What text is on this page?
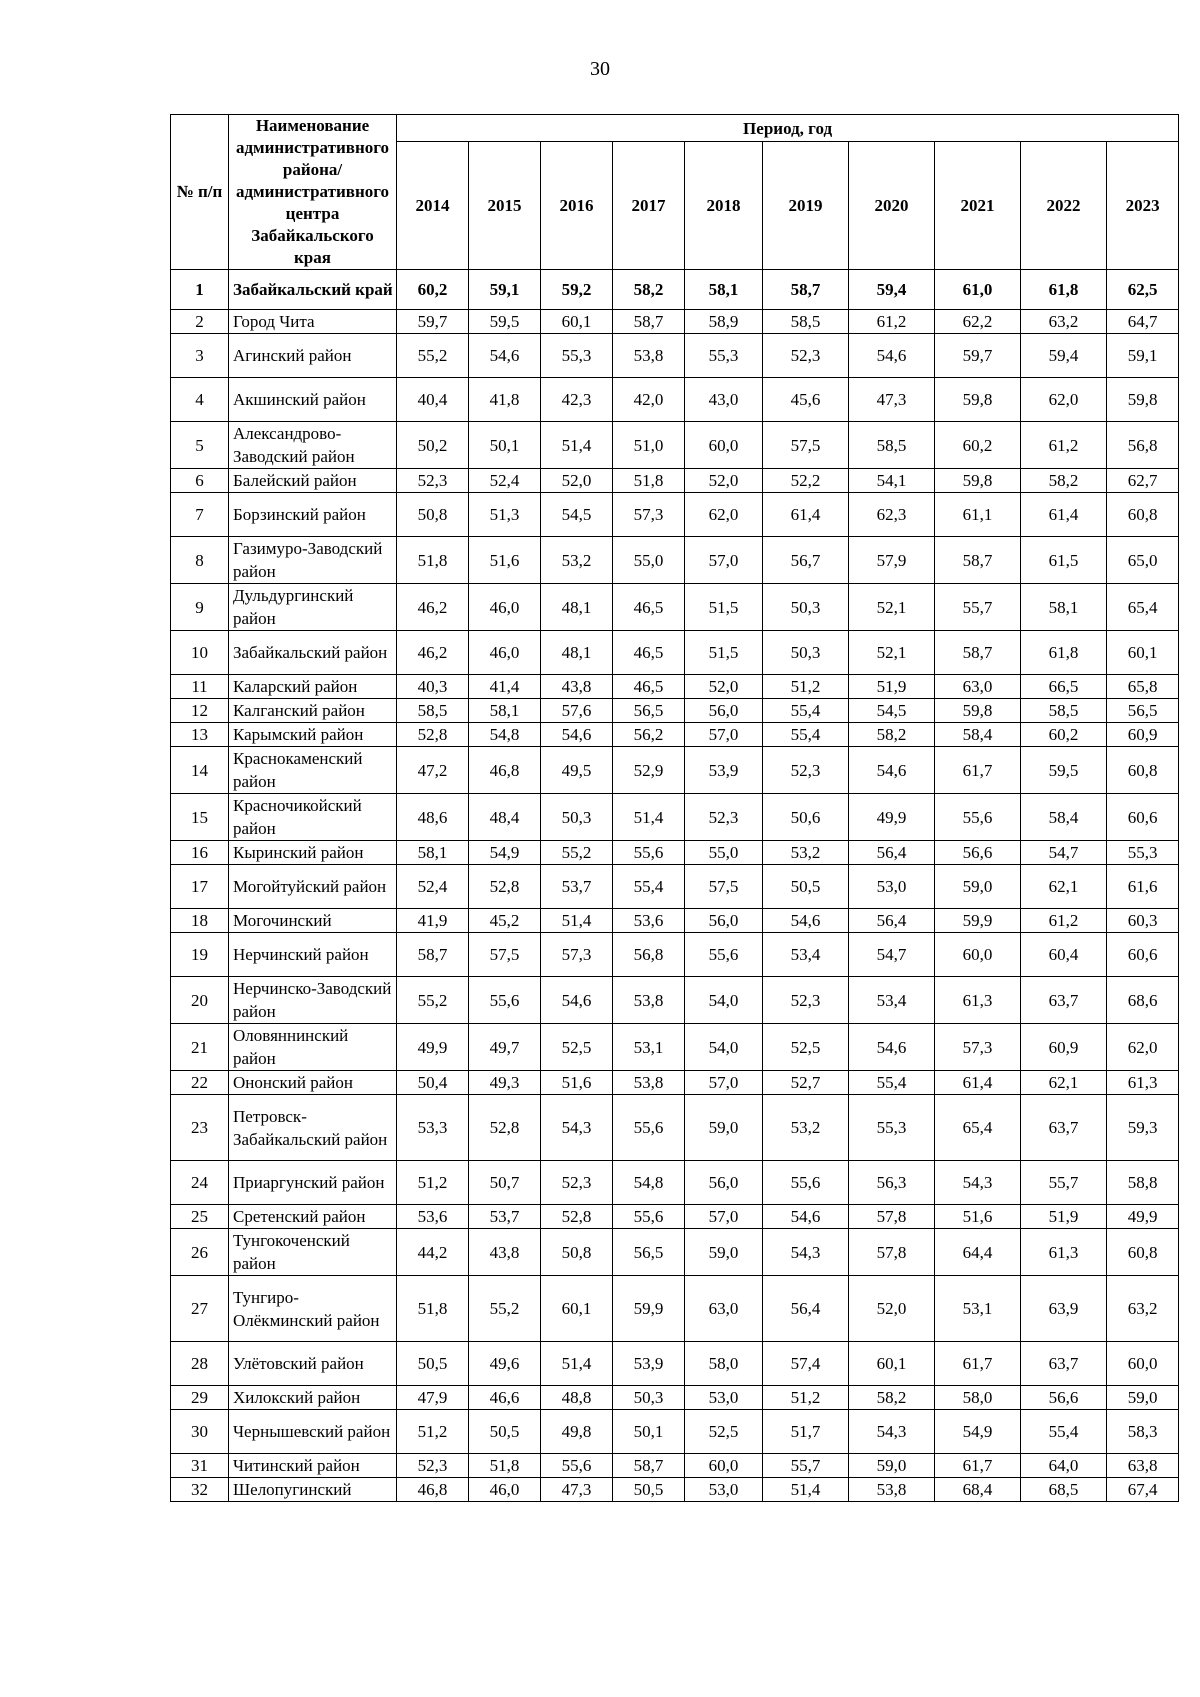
30
№ п/п	Наименование административного района/ административного центра Забайкальского края	Период, год									
		2014	2015	2016	2017	2018	2019	2020	2021	2022	2023
1	Забайкальский край	60,2	59,1	59,2	58,2	58,1	58,7	59,4	61,0	61,8	62,5
2	Город Чита	59,7	59,5	60,1	58,7	58,9	58,5	61,2	62,2	63,2	64,7
3	Агинский район	55,2	54,6	55,3	53,8	55,3	52,3	54,6	59,7	59,4	59,1
4	Акшинский район	40,4	41,8	42,3	42,0	43,0	45,6	47,3	59,8	62,0	59,8
5	Александрово-Заводский район	50,2	50,1	51,4	51,0	60,0	57,5	58,5	60,2	61,2	56,8
6	Балейский район	52,3	52,4	52,0	51,8	52,0	52,2	54,1	59,8	58,2	62,7
7	Борзинский район	50,8	51,3	54,5	57,3	62,0	61,4	62,3	61,1	61,4	60,8
8	Газимуро-Заводский район	51,8	51,6	53,2	55,0	57,0	56,7	57,9	58,7	61,5	65,0
9	Дульдургинский район	46,2	46,0	48,1	46,5	51,5	50,3	52,1	55,7	58,1	65,4
10	Забайкальский район	46,2	46,0	48,1	46,5	51,5	50,3	52,1	58,7	61,8	60,1
11	Каларский район	40,3	41,4	43,8	46,5	52,0	51,2	51,9	63,0	66,5	65,8
12	Калганский район	58,5	58,1	57,6	56,5	56,0	55,4	54,5	59,8	58,5	56,5
13	Карымский район	52,8	54,8	54,6	56,2	57,0	55,4	58,2	58,4	60,2	60,9
14	Краснокаменский район	47,2	46,8	49,5	52,9	53,9	52,3	54,6	61,7	59,5	60,8
15	Красночикойский район	48,6	48,4	50,3	51,4	52,3	50,6	49,9	55,6	58,4	60,6
16	Кыринский район	58,1	54,9	55,2	55,6	55,0	53,2	56,4	56,6	54,7	55,3
17	Могойтуйский район	52,4	52,8	53,7	55,4	57,5	50,5	53,0	59,0	62,1	61,6
18	Могочинский	41,9	45,2	51,4	53,6	56,0	54,6	56,4	59,9	61,2	60,3
19	Нерчинский район	58,7	57,5	57,3	56,8	55,6	53,4	54,7	60,0	60,4	60,6
20	Нерчинско-Заводский район	55,2	55,6	54,6	53,8	54,0	52,3	53,4	61,3	63,7	68,6
21	Оловяннинский район	49,9	49,7	52,5	53,1	54,0	52,5	54,6	57,3	60,9	62,0
22	Ононский район	50,4	49,3	51,6	53,8	57,0	52,7	55,4	61,4	62,1	61,3
23	Петровск-Забайкальский район	53,3	52,8	54,3	55,6	59,0	53,2	55,3	65,4	63,7	59,3
24	Приаргунский район	51,2	50,7	52,3	54,8	56,0	55,6	56,3	54,3	55,7	58,8
25	Сретенский район	53,6	53,7	52,8	55,6	57,0	54,6	57,8	51,6	51,9	49,9
26	Тунгокоченский район	44,2	43,8	50,8	56,5	59,0	54,3	57,8	64,4	61,3	60,8
27	Тунгиро-Олёкминский район	51,8	55,2	60,1	59,9	63,0	56,4	52,0	53,1	63,9	63,2
28	Улётовский район	50,5	49,6	51,4	53,9	58,0	57,4	60,1	61,7	63,7	60,0
29	Хилокский район	47,9	46,6	48,8	50,3	53,0	51,2	58,2	58,0	56,6	59,0
30	Чернышевский район	51,2	50,5	49,8	50,1	52,5	51,7	54,3	54,9	55,4	58,3
31	Читинский район	52,3	51,8	55,6	58,7	60,0	55,7	59,0	61,7	64,0	63,8
32	Шелопугинский	46,8	46,0	47,3	50,5	53,0	51,4	53,8	68,4	68,5	67,4
